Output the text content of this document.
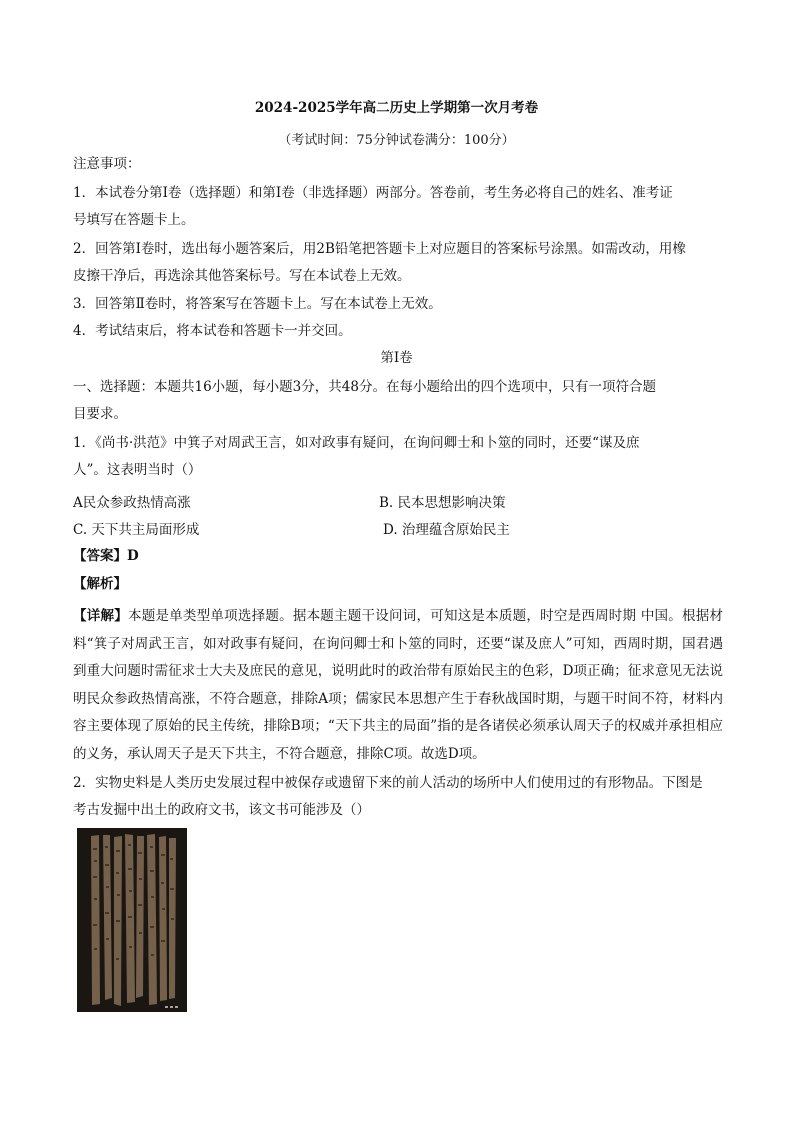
2024-2025学年高二历史上学期第一次月考卷
（考试时间：75分钟试卷满分：100分）
注意事项：
1．本试卷分第Ⅰ卷（选择题）和第Ⅰ卷（非选择题）两部分。答卷前，考生务必将自己的姓名、准考证
号填写在答题卡上。
2．回答第Ⅰ卷时，选出每小题答案后，用2B铅笔把答题卡上对应题目的答案标号涂黑。如需改动，用橡
皮擦干净后，再选涂其他答案标号。写在本试卷上无效。
3．回答第Ⅱ卷时，将答案写在答题卡上。写在本试卷上无效。
4．考试结束后，将本试卷和答题卡一并交回。
第Ⅰ卷
一、选择题：本题共16小题，每小题3分，共48分。在每小题给出的四个选项中，只有一项符合题
目要求。
1．《尚书·洪范》中箕子对周武王言，如对政事有疑问，在询问卿士和卜筮的同时，还要“谋及庶
人”。这表明当时（）
A民众参政热情高涨	B. 民本思想影响决策
C. 天下共主局面形成	D. 治理蕴含原始民主
【答案】D
【解析】
【详解】本题是单类型单项选择题。据本题主题干设问词，可知这是本质题，时空是西周时期 中国。根据材料“箕子对周武王言，如对政事有疑问，在询问卿士和卜筮的同时，还要“谋及庶人”可知，西周时期，国君遇到重大问题时需征求士大夫及庶民的意见，说明此时的政治带有原始民主的色彩，D项正确；征求意见无法说明民众参政热情高涨，不符合题意，排除A项；儒家民本思想产生于春秋战国时期，与题干时间不符，材料内容主要体现了原始的民主传统，排除B项；“天下共主的局面”指的是各诸侯必须承认周天子的权威并承担相应的义务，承认周天子是天下共主，不符合题意，排除C项。故选D项。
2．实物史料是人类历史发展过程中被保存或遗留下来的前人活动的场所中人们使用过的有形物品。下图是
考古发掘中出土的政府文书，该文书可能涉及（）
